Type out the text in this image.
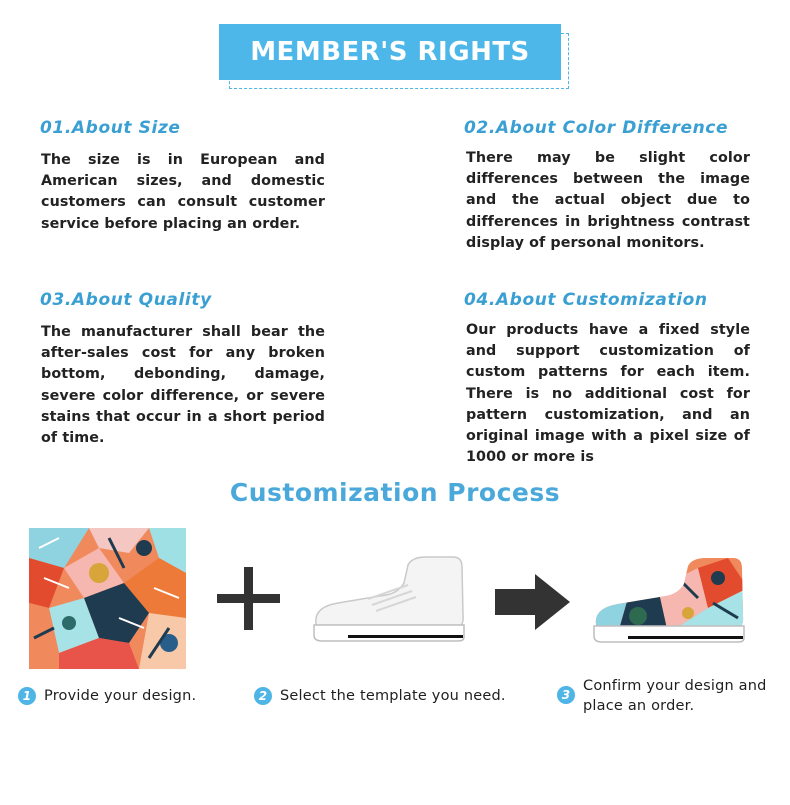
MEMBER'S RIGHTS
01.About Size
The size is in European and American sizes, and domestic customers can consult customer service before placing an order.
02.About Color Difference
There may be slight color differences between the image and the actual object due to differences in brightness contrast display of personal monitors.
03.About Quality
The manufacturer shall bear the after-sales cost for any broken bottom, debonding, damage, severe color difference, or severe stains that occur in a short period of time.
04.About Customization
Our products have a fixed style and support customization of custom patterns for each item. There is no additional cost for pattern customization, and an original image with a pixel size of 1000 or more is
Customization Process
1 Provide your design.	2 Select the template you need.	3
Confirm your design and place an order.
